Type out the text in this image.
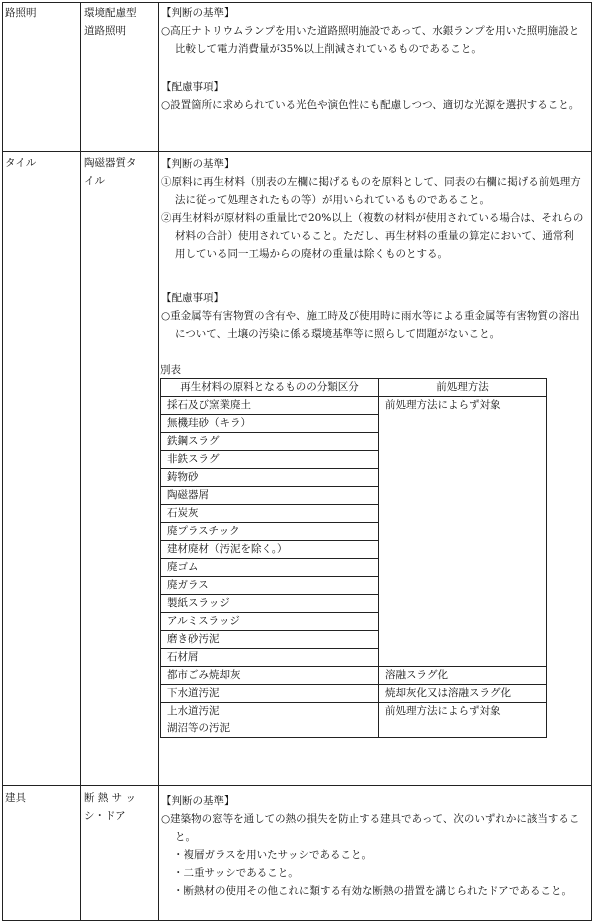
路照明	環境配慮型
道路照明
【判断の基準】
○高圧ナトリウムランプを用いた道路照明施設であって、水銀ランプを用いた照明施設と比較して電力消費量が35%以上削減されているものであること。
【配慮事項】
○設置箇所に求められている光色や演色性にも配慮しつつ、適切な光源を選択すること。
タイル	陶磁器質タ
イル
【判断の基準】
①原料に再生材料（別表の左欄に掲げるものを原料として、同表の右欄に掲げる前処理方法に従って処理されたもの等）が用いられているものであること。
②再生材料が原材料の重量比で20%以上（複数の材料が使用されている場合は、それらの材料の合計）使用されていること。ただし、再生材料の重量の算定において、通常利用している同一工場からの廃材の重量は除くものとする。
【配慮事項】
○重金属等有害物質の含有や、施工時及び使用時に雨水等による重金属等有害物質の溶出について、土壌の汚染に係る環境基準等に照らして問題がないこと。
別表
再生材料の原料となるものの分類区分	前処理方法
採石及び窯業廃土	前処理方法によらず対象
無機珪砂（キラ）	
鉄鋼スラグ	
非鉄スラグ	
鋳物砂	
陶磁器屑	
石炭灰	
廃プラスチック	
建材廃材（汚泥を除く。）	
廃ゴム	
廃ガラス	
製紙スラッジ	
アルミスラッジ	
磨き砂汚泥	
石材屑	
都市ごみ焼却灰	溶融スラグ化
下水道汚泥	焼却灰化又は溶融スラグ化
上水道汚泥	前処理方法によらず対象
湖沼等の汚泥	
建具	断 熱 サ ッ
シ・ドア
【判断の基準】
○建築物の窓等を通しての熱の損失を防止する建具であって、次のいずれかに該当すること。
・複層ガラスを用いたサッシであること。
・二重サッシであること。
・断熱材の使用その他これに類する有効な断熱の措置を講じられたドアであること。
